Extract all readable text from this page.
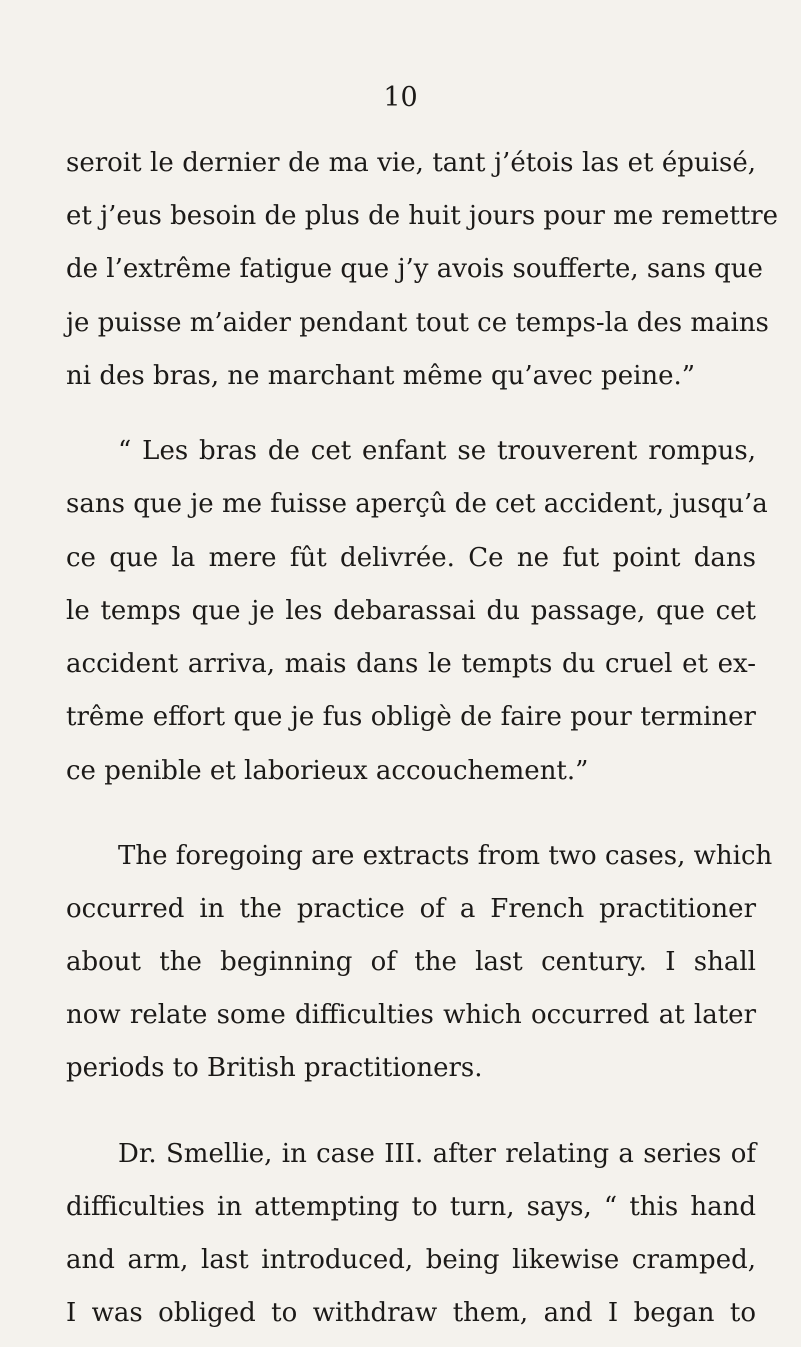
10
seroit le dernier de ma vie, tant j’étois las et épuisé,
et j’eus besoin de plus de huit jours pour me remettre
de l’extrême fatigue que j’y avois soufferte, sans que
je puisse m’aider pendant tout ce temps-la des mains
ni des bras, ne marchant même qu’avec peine.”
“ Les bras de cet enfant se trouverent rompus,
sans que je me fuisse aperçû de cet accident, jusqu’a
ce que la mere fût delivrée. Ce ne fut point dans
le temps que je les debarassai du passage, que cet
accident arriva, mais dans le tempts du cruel et ex-
trême effort que je fus obligè de faire pour terminer
ce penible et laborieux accouchement.”
The foregoing are extracts from two cases, which
occurred in the practice of a French practitioner
about the beginning of the last century. I shall
now relate some difficulties which occurred at later
periods to British practitioners.
Dr. Smellie, in case III. after relating a series of
difficulties in attempting to turn, says, “ this hand
and arm, last introduced, being likewise cramped,
I was obliged to withdraw them, and I began to
